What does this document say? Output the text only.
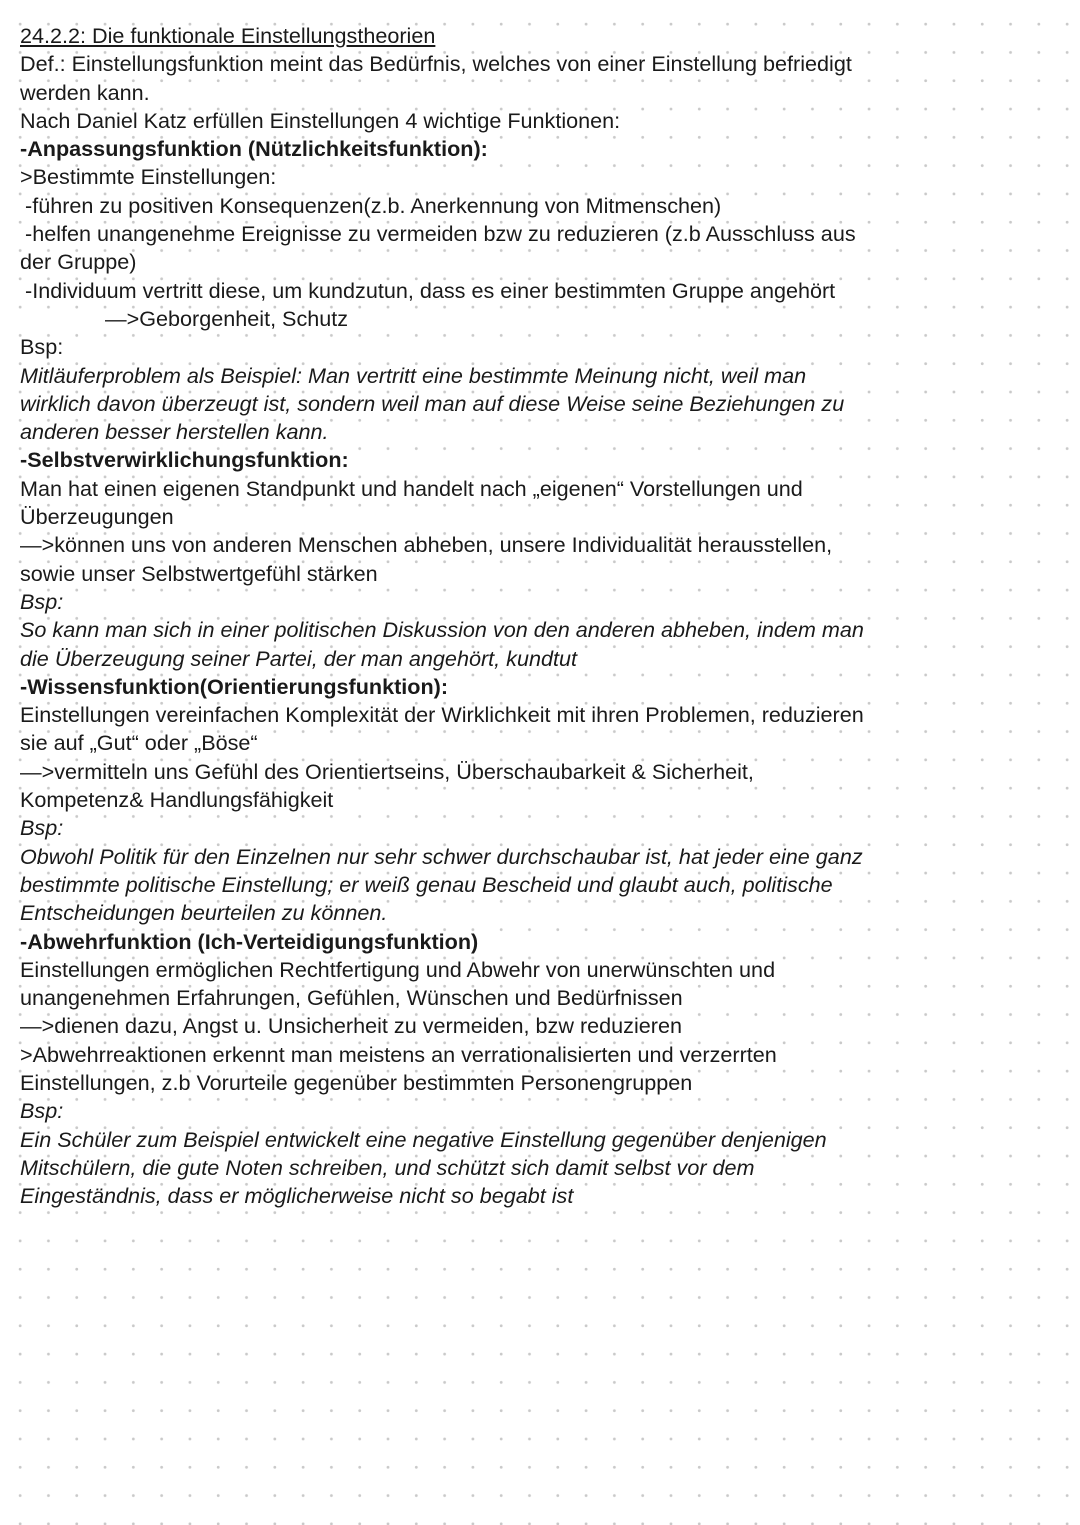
24.2.2: Die funktionale Einstellungstheorien
Def.: Einstellungsfunktion meint das Bedürfnis, welches von einer Einstellung befriedigt
werden kann.
Nach Daniel Katz erfüllen Einstellungen 4 wichtige Funktionen:
-Anpassungsfunktion (Nützlichkeitsfunktion):
>Bestimmte Einstellungen:
-führen zu positiven Konsequenzen(z.b. Anerkennung von Mitmenschen)
-helfen unangenehme Ereignisse zu vermeiden bzw zu reduzieren (z.b Ausschluss aus
der Gruppe)
-Individuum vertritt diese, um kundzutun, dass es einer bestimmten Gruppe angehört
—>Geborgenheit, Schutz
Bsp:
Mitläuferproblem als Beispiel: Man vertritt eine bestimmte Meinung nicht, weil man
wirklich davon überzeugt ist, sondern weil man auf diese Weise seine Beziehungen zu
anderen besser herstellen kann.
-Selbstverwirklichungsfunktion:
Man hat einen eigenen Standpunkt und handelt nach „eigenen“ Vorstellungen und
Überzeugungen
—>können uns von anderen Menschen abheben, unsere Individualität herausstellen,
sowie unser Selbstwertgefühl stärken
Bsp:
So kann man sich in einer politischen Diskussion von den anderen abheben, indem man
die Überzeugung seiner Partei, der man angehört, kundtut
-Wissensfunktion(Orientierungsfunktion):
Einstellungen vereinfachen Komplexität der Wirklichkeit mit ihren Problemen, reduzieren
sie auf „Gut“ oder „Böse“
—>vermitteln uns Gefühl des Orientiertseins, Überschaubarkeit & Sicherheit,
Kompetenz& Handlungsfähigkeit
Bsp:
Obwohl Politik für den Einzelnen nur sehr schwer durchschaubar ist, hat jeder eine ganz
bestimmte politische Einstellung; er weiß genau Bescheid und glaubt auch, politische
Entscheidungen beurteilen zu können.
-Abwehrfunktion (Ich-Verteidigungsfunktion)
Einstellungen ermöglichen Rechtfertigung und Abwehr von unerwünschten und
unangenehmen Erfahrungen, Gefühlen, Wünschen und Bedürfnissen
—>dienen dazu, Angst u. Unsicherheit zu vermeiden, bzw reduzieren
>Abwehrreaktionen erkennt man meistens an verrationalisierten und verzerrten
Einstellungen, z.b Vorurteile gegenüber bestimmten Personengruppen
Bsp:
Ein Schüler zum Beispiel entwickelt eine negative Einstellung gegenüber denjenigen
Mitschülern, die gute Noten schreiben, und schützt sich damit selbst vor dem
Eingeständnis, dass er möglicherweise nicht so begabt ist
